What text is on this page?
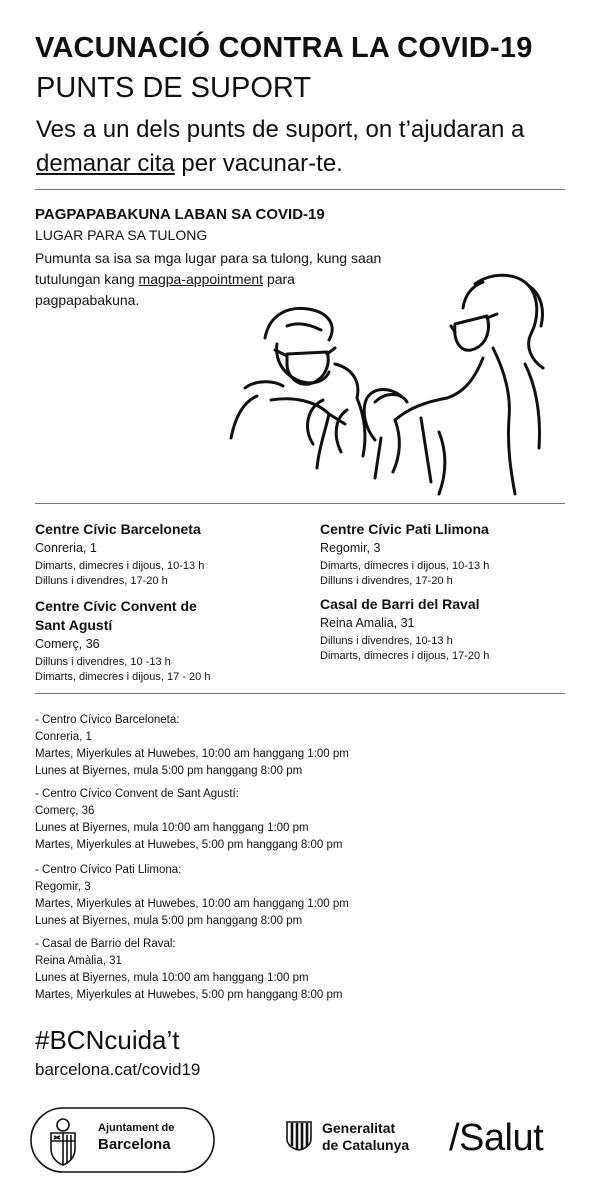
VACUNACIÓ CONTRA LA COVID-19
PUNTS DE SUPORT
Ves a un dels punts de suport, on t’ajudaran a demanar cita per vacunar-te.
PAGPAPABAKUNA LABAN SA COVID-19
LUGAR PARA SA TULONG
Pumunta sa isa sa mga lugar para sa tulong, kung saan tutulungan kang magpa-appointment para pagpapabakuna.
Centre Cívic Barceloneta
Conreria, 1
Dimarts, dimecres i dijous, 10-13 h
Dilluns i divendres, 17-20 h
Centre Cívic Convent de Sant Agustí
Comerç, 36
Dilluns i divendres, 10 -13 h
Dimarts, dimecres i dijous, 17 - 20 h
Centre Cívic Pati Llimona
Regomir, 3
Dimarts, dimecres i dijous, 10-13 h
Dilluns i divendres, 17-20 h
Casal de Barri del Raval
Reina Amalia, 31
Dilluns i divendres, 10-13 h
Dimarts, dimecres i dijous, 17-20 h
- Centro Cívico Barceloneta:
Conreria, 1
Martes, Miyerkules at Huwebes, 10:00 am hanggang 1:00 pm
Lunes at Biyernes, mula 5:00 pm hanggang 8:00 pm
- Centro Cívico Convent de Sant Agustí:
Comerç, 36
Lunes at Biyernes, mula 10:00 am hanggang 1:00 pm
Martes, Miyerkules at Huwebes, 5:00 pm hanggang 8:00 pm
- Centro Cívico Pati Llimona:
Regomir, 3
Martes, Miyerkules at Huwebes, 10:00 am hanggang 1:00 pm
Lunes at Biyernes, mula 5:00 pm hanggang 8:00 pm
- Casal de Barrio del Raval:
Reina Amàlia, 31
Lunes at Biyernes, mula 10:00 am hanggang 1:00 pm
Martes, Miyerkules at Huwebes, 5:00 pm hanggang 8:00 pm
#BCNcuida’t
barcelona.cat/covid19
Ajuntament de
Barcelona
Generalitat
de Catalunya /Salut
